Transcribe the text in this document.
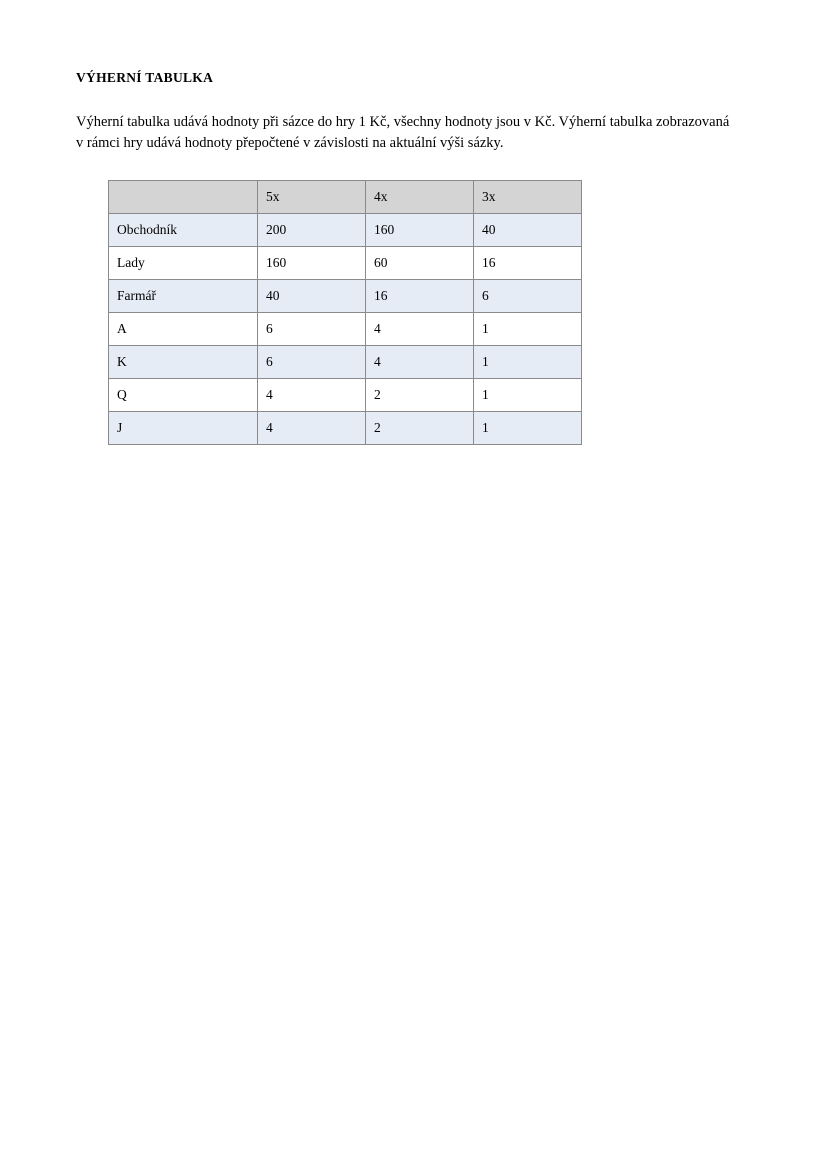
VÝHERNÍ TABULKA

Výherní tabulka udává hodnoty při sázce do hry 1 Kč, všechny hodnoty jsou v Kč. Výherní tabulka zobrazovaná v rámci hry udává hodnoty přepočtené v závislosti na aktuální výši sázky.

	5x	4x	3x
Obchodník	200	160	40
Lady	160	60	16
Farmář	40	16	6
A	6	4	1
K	6	4	1
Q	4	2	1
J	4	2	1
